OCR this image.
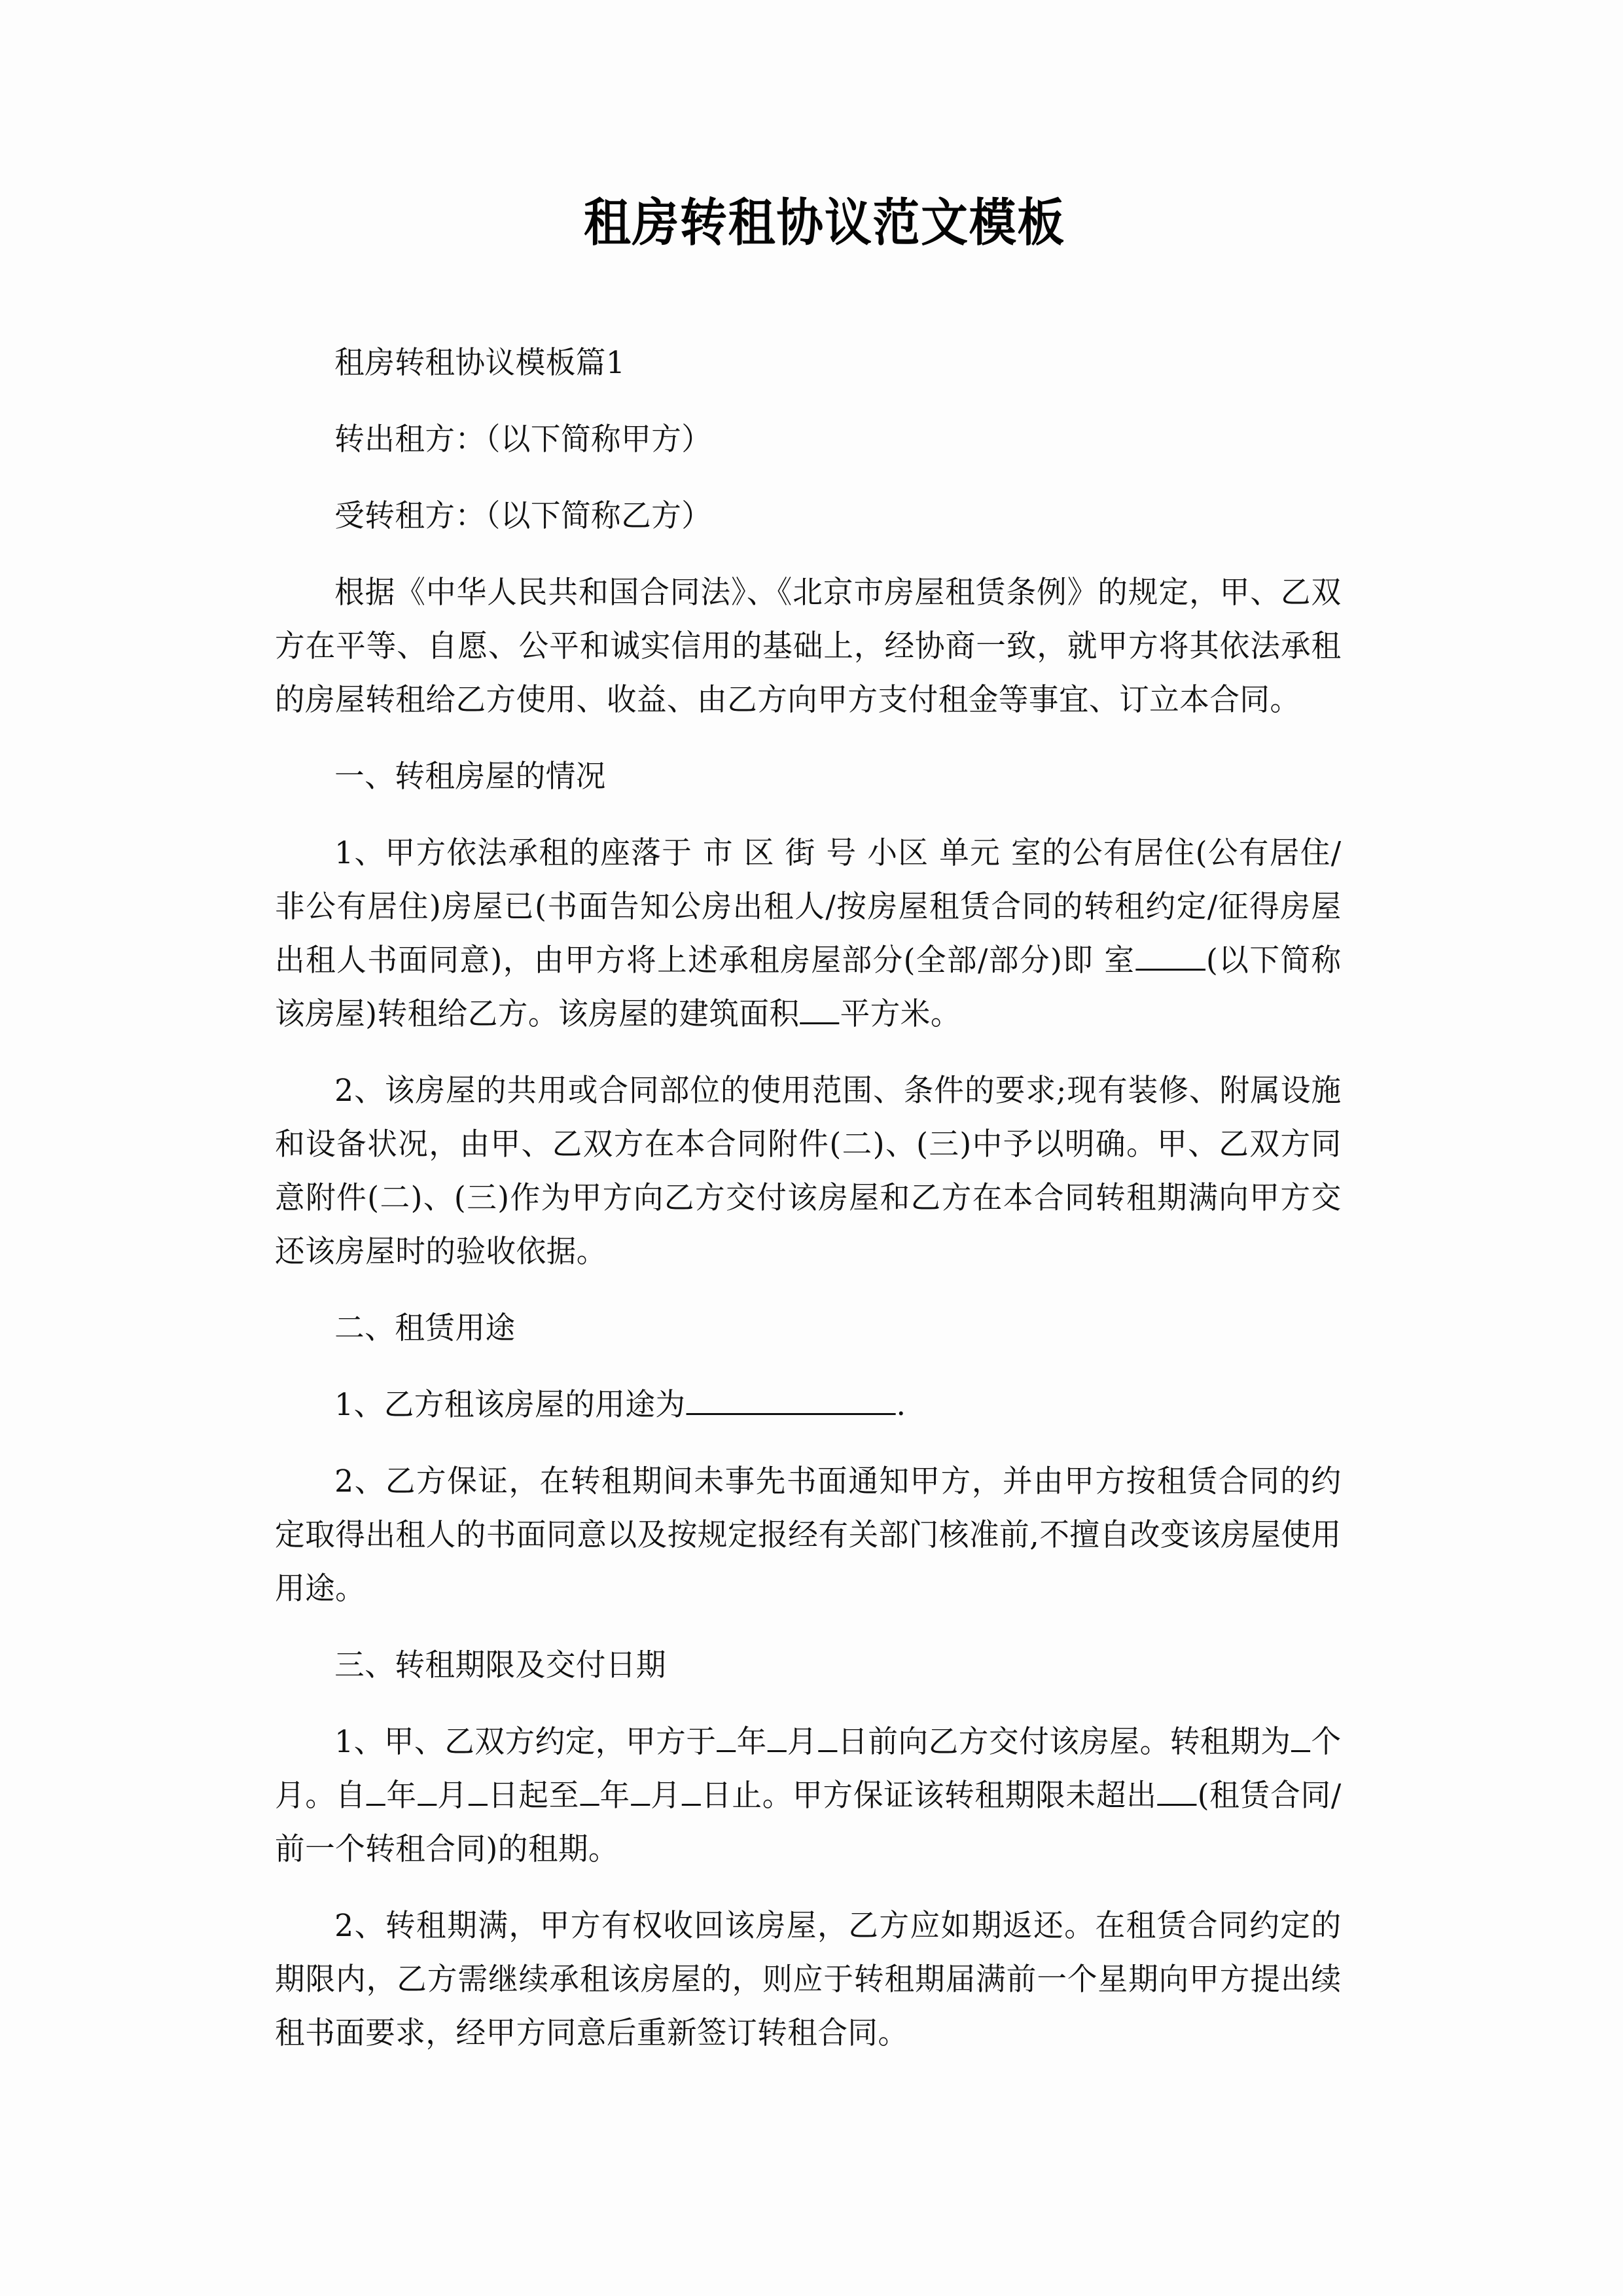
租房转租协议范文模板

租房转租协议模板篇1

转出租方：（以下简称甲方）

受转租方：（以下简称乙方）

根据《中华人民共和国合同法》、《北京市房屋租赁条例》的规定，甲、乙双方在平等、自愿、公平和诚实信用的基础上，经协商一致，就甲方将其依法承租的房屋转租给乙方使用、收益、由乙方向甲方支付租金等事宜、订立本合同。

一、转租房屋的情况

1、甲方依法承租的座落于 市 区 街 号 小区 单元 室的公有居住(公有居住/非公有居住)房屋已(书面告知公房出租人/按房屋租赁合同的转租约定/征得房屋出租人书面同意)，由甲方将上述承租房屋部分(全部/部分)即 室 (以下简称该房屋)转租给乙方。该房屋的建筑面积 平方米。

2、该房屋的共用或合同部位的使用范围、条件的要求;现有装修、附属设施和设备状况，由甲、乙双方在本合同附件(二)、(三)中予以明确。甲、乙双方同意附件(二)、(三)作为甲方向乙方交付该房屋和乙方在本合同转租期满向甲方交还该房屋时的验收依据。

二、租赁用途

1、乙方租该房屋的用途为	.

2、乙方保证，在转租期间未事先书面通知甲方，并由甲方按租赁合同的约定取得出租人的书面同意以及按规定报经有关部门核准前,不擅自改变该房屋使用用途。

三、转租期限及交付日期

1、甲、乙双方约定，甲方于 年 月 日前向乙方交付该房屋。转租期为 个月。自 年 月 日起至 年 月 日止。甲方保证该转租期限未超出 (租赁合同/前一个转租合同)的租期。

2、转租期满，甲方有权收回该房屋，乙方应如期返还。在租赁合同约定的期限内，乙方需继续承租该房屋的，则应于转租期届满前一个星期向甲方提出续租书面要求，经甲方同意后重新签订转租合同。
